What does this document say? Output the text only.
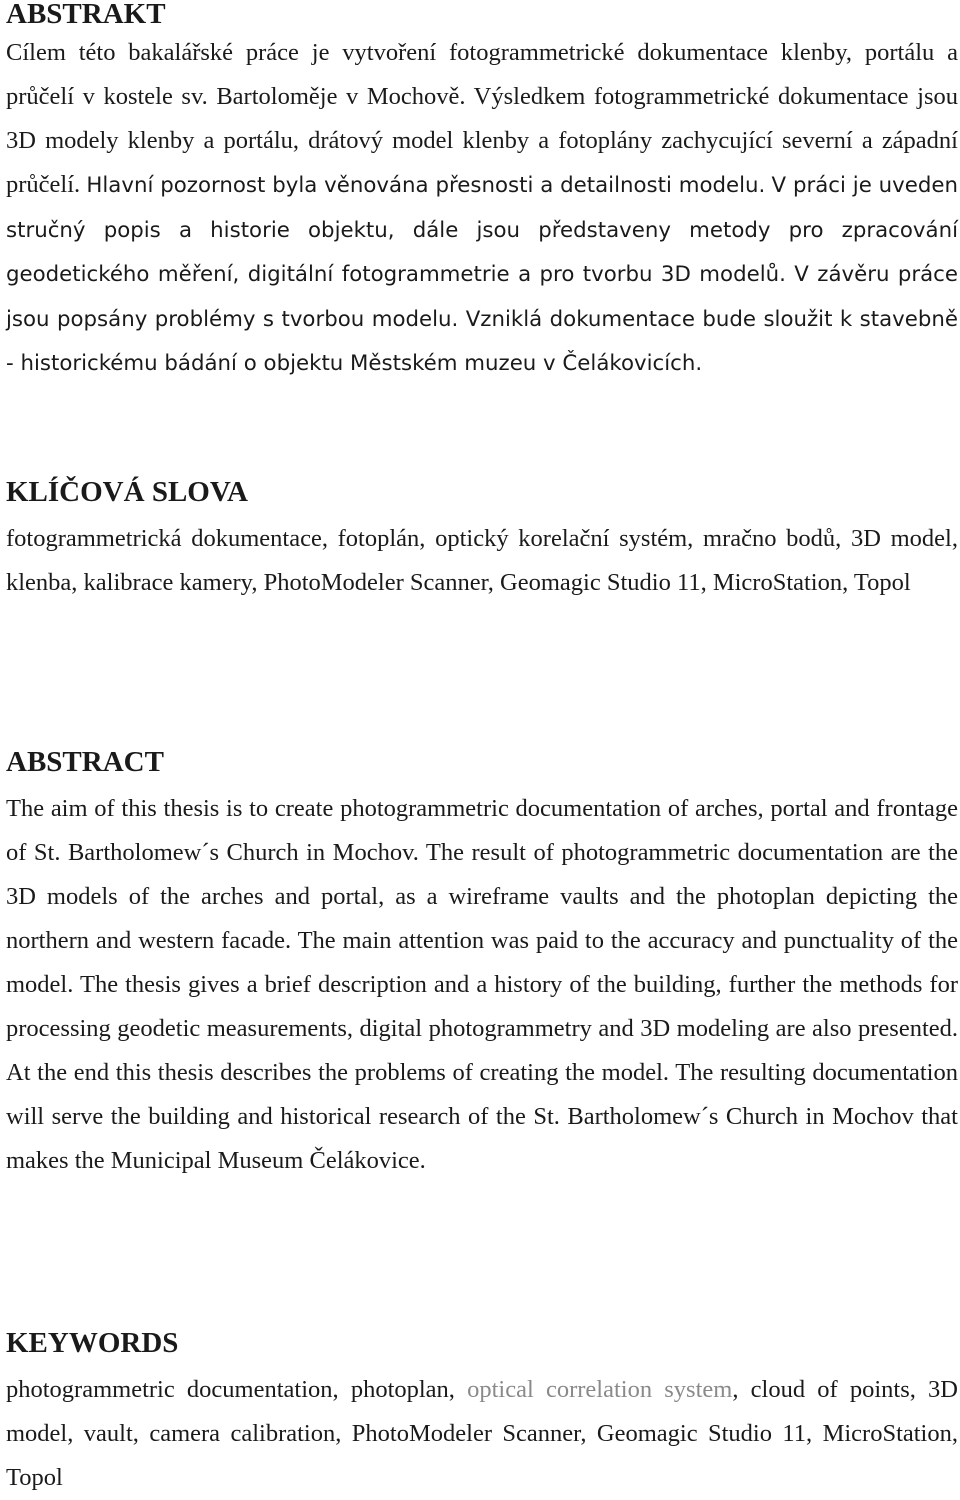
ABSTRAKT

Cílem této bakalářské práce je vytvoření fotogrammetrické dokumentace klenby, portálu a průčelí v kostele sv. Bartoloměje v Mochově. Výsledkem fotogrammetrické dokumentace jsou 3D modely klenby a portálu, drátový model klenby a fotoplány zachycující severní a západní průčelí. Hlavní pozornost byla věnována přesnosti a detailnosti modelu. V práci je uveden stručný popis a historie objektu, dále jsou představeny metody pro zpracování geodetického měření, digitální fotogrammetrie a pro tvorbu 3D modelů. V závěru práce jsou popsány problémy s tvorbou modelu. Vzniklá dokumentace bude sloužit k stavebně - historickému bádání o objektu Městském muzeu v Čelákovicích.

KLÍČOVÁ SLOVA

fotogrammetrická dokumentace, fotoplán, optický korelační systém, mračno bodů, 3D model, klenba, kalibrace kamery, PhotoModeler Scanner, Geomagic Studio 11, MicroStation, Topol

ABSTRACT

The aim of this thesis is to create photogrammetric documentation of arches, portal and frontage of St. Bartholomew´s Church in Mochov. The result of photogrammetric documentation are the 3D models of the arches and portal, as a wireframe vaults and the photoplan depicting the northern and western facade. The main attention was paid to the accuracy and punctuality of the model. The thesis gives a brief description and a history of the building, further the methods for processing geodetic measurements, digital photogrammetry and 3D modeling are also presented. At the end this thesis describes the problems of creating the model. The resulting documentation will serve the building and historical research of the St. Bartholomew´s Church in Mochov that makes the Municipal Museum Čelákovice.

KEYWORDS

photogrammetric documentation, photoplan, optical correlation system, cloud of points, 3D model, vault, camera calibration, PhotoModeler Scanner, Geomagic Studio 11, MicroStation, Topol
